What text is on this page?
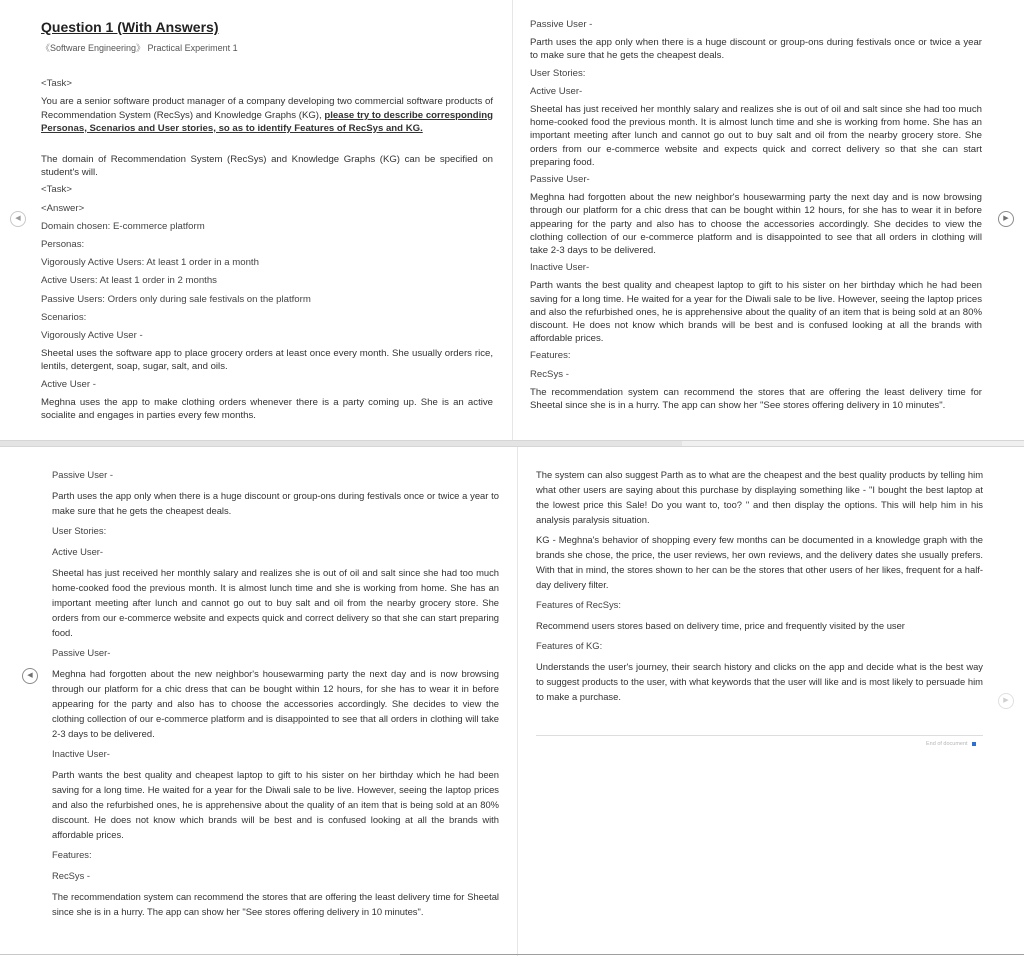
◀	▶
Question 1 (With Answers)
《Software Engineering》 Practical Experiment 1
<Task>

You are a senior software product manager of a company developing two commercial software products of Recommendation System (RecSys) and Knowledge Graphs (KG), please try to describe corresponding Personas, Scenarios and User stories, so as to identify Features of RecSys and KG.

The domain of Recommendation System (RecSys) and Knowledge Graphs (KG) can be specified on student's will.

<Task>
<Answer>
Domain chosen: E-commerce platform
Personas:
Vigorously Active Users: At least 1 order in a month
Active Users: At least 1 order in 2 months
Passive Users: Orders only during sale festivals on the platform
Scenarios:
Vigorously Active User -

Sheetal uses the software app to place grocery orders at least once every month. She usually orders rice, lentils, detergent, soap, sugar, salt, and oils.

Active User -

Meghna uses the app to make clothing orders whenever there is a party coming up. She is an active socialite and engages in parties every few months.

Passive User -

Parth uses the app only when there is a huge discount or group-ons during festivals once or twice a year to make sure that he gets the cheapest deals.

User Stories:
Active User-

Sheetal has just received her monthly salary and realizes she is out of oil and salt since she had too much home-cooked food the previous month. It is almost lunch time and she is working from home. She has an important meeting after lunch and cannot go out to buy salt and oil from the nearby grocery store. She orders from our e-commerce website and expects quick and correct delivery so that she can start preparing food.

Passive User-

Meghna had forgotten about the new neighbor's housewarming party the next day and is now browsing through our platform for a chic dress that can be bought within 12 hours, for she has to wear it in before appearing for the party and also has to choose the accessories accordingly. She decides to view the clothing collection of our e-commerce platform and is disappointed to see that all orders in clothing will take 2-3 days to be delivered.

Inactive User-

Parth wants the best quality and cheapest laptop to gift to his sister on her birthday which he had been saving for a long time. He waited for a year for the Diwali sale to be live. However, seeing the laptop prices and also the refurbished ones, he is apprehensive about the quality of an item that is being sold at an 80% discount. He does not know which brands will be best and is confused looking at all the brands with affordable prices.

Features:
RecSys -

The recommendation system can recommend the stores that are offering the least delivery time for Sheetal since she is in a hurry. The app can show her "See stores offering delivery in 10 minutes".

◀
▶
Passive User -

Parth uses the app only when there is a huge discount or group-ons during festivals once or twice a year to make sure that he gets the cheapest deals.

User Stories:
Active User-

Sheetal has just received her monthly salary and realizes she is out of oil and salt since she had too much home-cooked food the previous month. It is almost lunch time and she is working from home. She has an important meeting after lunch and cannot go out to buy salt and oil from the nearby grocery store. She orders from our e-commerce website and expects quick and correct delivery so that she can start preparing food.

Passive User-

Meghna had forgotten about the new neighbor's housewarming party the next day and is now browsing through our platform for a chic dress that can be bought within 12 hours, for she has to wear it in before appearing for the party and also has to choose the accessories accordingly. She decides to view the clothing collection of our e-commerce platform and is disappointed to see that all orders in clothing will take 2-3 days to be delivered.

Inactive User-

Parth wants the best quality and cheapest laptop to gift to his sister on her birthday which he had been saving for a long time. He waited for a year for the Diwali sale to be live. However, seeing the laptop prices and also the refurbished ones, he is apprehensive about the quality of an item that is being sold at an 80% discount. He does not know which brands will be best and is confused looking at all the brands with affordable prices.

Features:
RecSys -

The recommendation system can recommend the stores that are offering the least delivery time for Sheetal since she is in a hurry. The app can show her "See stores offering delivery in 10 minutes".

The system can also suggest Parth as to what are the cheapest and the best quality products by telling him what other users are saying about this purchase by displaying something like - "I bought the best laptop at the lowest price this Sale! Do you want to, too? " and then display the options. This will help him in his analysis paralysis situation.

KG - Meghna's behavior of shopping every few months can be documented in a knowledge graph with the brands she chose, the price, the user reviews, her own reviews, and the delivery dates she usually prefers. With that in mind, the stores shown to her can be the stores that other users of her likes, frequent for a half-day delivery filter.

Features of RecSys:

Recommend users stores based on delivery time, price and frequently visited by the user

Features of KG:

Understands the user's journey, their search history and clicks on the app and decide what is the best way to suggest products to the user, with what keywords that the user will like and is most likely to persuade him to make a purchase.

End of document
